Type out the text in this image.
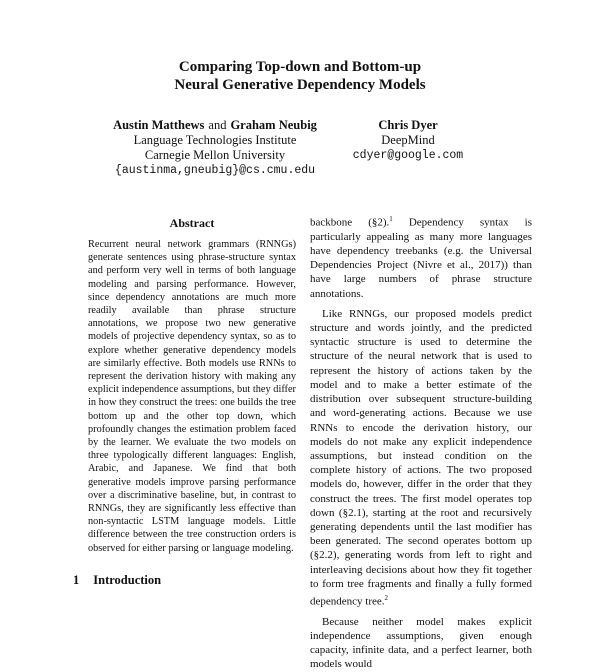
Comparing Top-down and Bottom-up
Neural Generative Dependency Models
Austin Matthews and Graham Neubig
Language Technologies Institute
Carnegie Mellon University
{austinma,gneubig}@cs.cmu.edu
Chris Dyer
DeepMind
cdyer@google.com
Abstract

Recurrent neural network grammars (RNNGs) generate sentences using phrase-structure syntax and perform very well in terms of both language modeling and parsing performance. However, since dependency annotations are much more readily available than phrase structure annotations, we propose two new generative models of projective dependency syntax, so as to explore whether generative dependency models are similarly effective. Both models use RNNs to represent the derivation history with making any explicit independence assumptions, but they differ in how they construct the trees: one builds the tree bottom up and the other top down, which profoundly changes the estimation problem faced by the learner. We evaluate the two models on three typologically different languages: English, Arabic, and Japanese. We find that both generative models improve parsing performance over a discriminative baseline, but, in contrast to RNNGs, they are significantly less effective than non-syntactic LSTM language models. Little difference between the tree construction orders is observed for either parsing or language modeling.

1 Introduction

backbone (§2).$^1$ Dependency syntax is particularly appealing as many more languages have dependency treebanks (e.g. the Universal Dependencies Project (Nivre et al., 2017)) than have large numbers of phrase structure annotations.

Like RNNGs, our proposed models predict structure and words jointly, and the predicted syntactic structure is used to determine the structure of the neural network that is used to represent the history of actions taken by the model and to make a better estimate of the distribution over subsequent structure-building and word-generating actions. Because we use RNNs to encode the derivation history, our models do not make any explicit independence assumptions, but instead condition on the complete history of actions. The two proposed models do, however, differ in the order that they construct the trees. The first model operates top down (§2.1), starting at the root and recursively generating dependents until the last modifier has been generated. The second operates bottom up (§2.2), generating words from left to right and interleaving decisions about how they fit together to form tree fragments and finally a fully formed dependency tree.$^2$

Because neither model makes explicit independence assumptions, given enough capacity, infinite data, and a perfect learner, both models would
